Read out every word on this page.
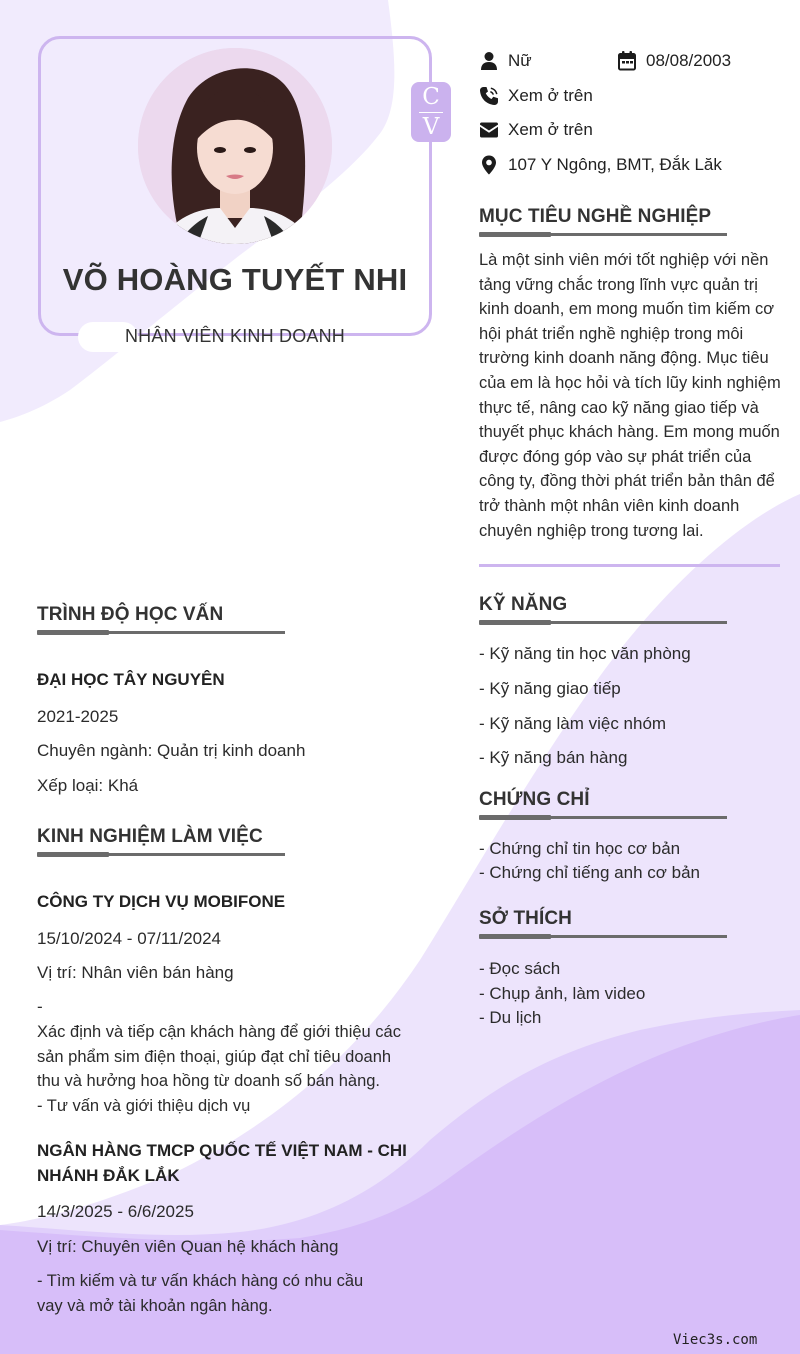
VÕ HOÀNG TUYẾT NHI
NHÂN VIÊN KINH DOANH
C
V
Nữ	08/08/2003
Xem ở trên
Xem ở trên
107 Y Ngông, BMT, Đắk Lăk
MỤC TIÊU NGHỀ NGHIỆP
Là một sinh viên mới tốt nghiệp với nền
tảng vững chắc trong lĩnh vực quản trị
kinh doanh, em mong muốn tìm kiếm cơ
hội phát triển nghề nghiệp trong môi
trường kinh doanh năng động. Mục tiêu
của em là học hỏi và tích lũy kinh nghiệm
thực tế, nâng cao kỹ năng giao tiếp và
thuyết phục khách hàng. Em mong muốn
được đóng góp vào sự phát triển của
công ty, đồng thời phát triển bản thân để
trở thành một nhân viên kinh doanh
chuyên nghiệp trong tương lai.
TRÌNH ĐỘ HỌC VẤN
ĐẠI HỌC TÂY NGUYÊN
2021-2025
Chuyên ngành: Quản trị kinh doanh
Xếp loại: Khá
KINH NGHIỆM LÀM VIỆC
CÔNG TY DỊCH VỤ MOBIFONE
15/10/2024 - 07/11/2024
Vị trí: Nhân viên bán hàng
-
Xác định và tiếp cận khách hàng để giới thiệu các
sản phẩm sim điện thoại, giúp đạt chỉ tiêu doanh
thu và hưởng hoa hồng từ doanh số bán hàng.
- Tư vấn và giới thiệu dịch vụ
NGÂN HÀNG TMCP QUỐC TẾ VIỆT NAM - CHI
NHÁNH ĐẮK LẮK
14/3/2025 - 6/6/2025
Vị trí: Chuyên viên Quan hệ khách hàng
- Tìm kiếm và tư vấn khách hàng có nhu cầu
vay và mở tài khoản ngân hàng.
KỸ NĂNG
- Kỹ năng tin học văn phòng
- Kỹ năng giao tiếp
- Kỹ năng làm việc nhóm
- Kỹ năng bán hàng
CHỨNG CHỈ
- Chứng chỉ tin học cơ bản
- Chứng chỉ tiếng anh cơ bản
SỞ THÍCH
- Đọc sách
- Chụp ảnh, làm video
- Du lịch
Viec3s.com
